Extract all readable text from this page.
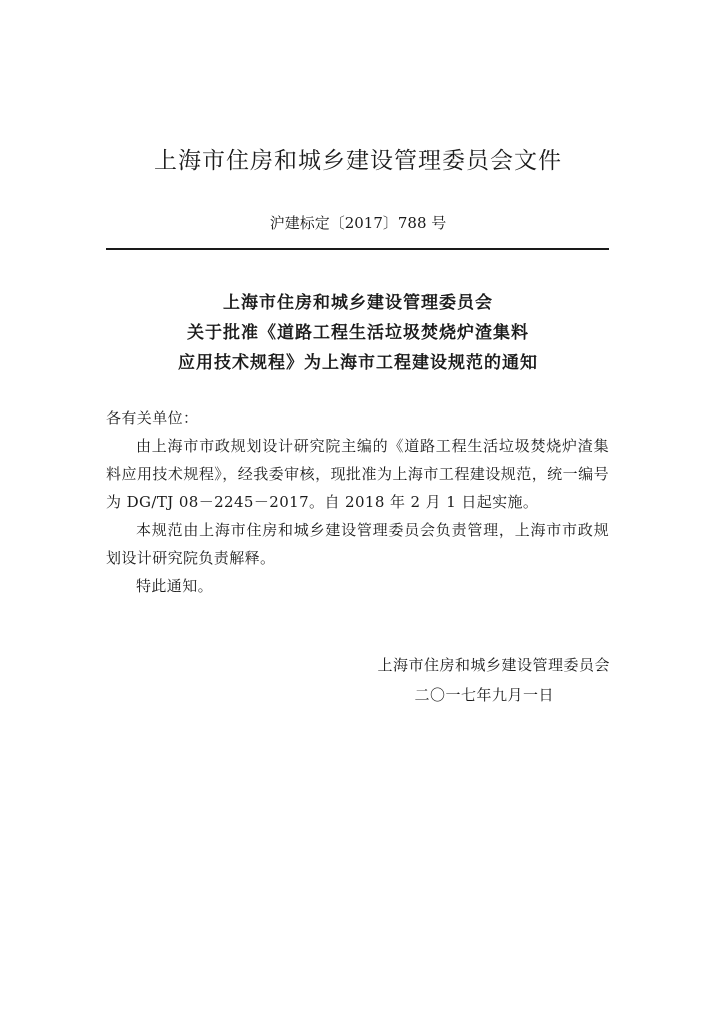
上海市住房和城乡建设管理委员会文件
沪建标定〔2017〕788 号
上海市住房和城乡建设管理委员会
关于批准《道路工程生活垃圾焚烧炉渣集料
应用技术规程》为上海市工程建设规范的通知

各有关单位：

由上海市市政规划设计研究院主编的《道路工程生活垃圾焚烧炉渣集料应用技术规程》，经我委审核，现批准为上海市工程建设规范，统一编号为 DG/TJ 08－2245－2017。自 2018 年 2 月 1 日起实施。

本规范由上海市住房和城乡建设管理委员会负责管理，上海市市政规划设计研究院负责解释。

特此通知。

上海市住房和城乡建设管理委员会
二〇一七年九月一日
